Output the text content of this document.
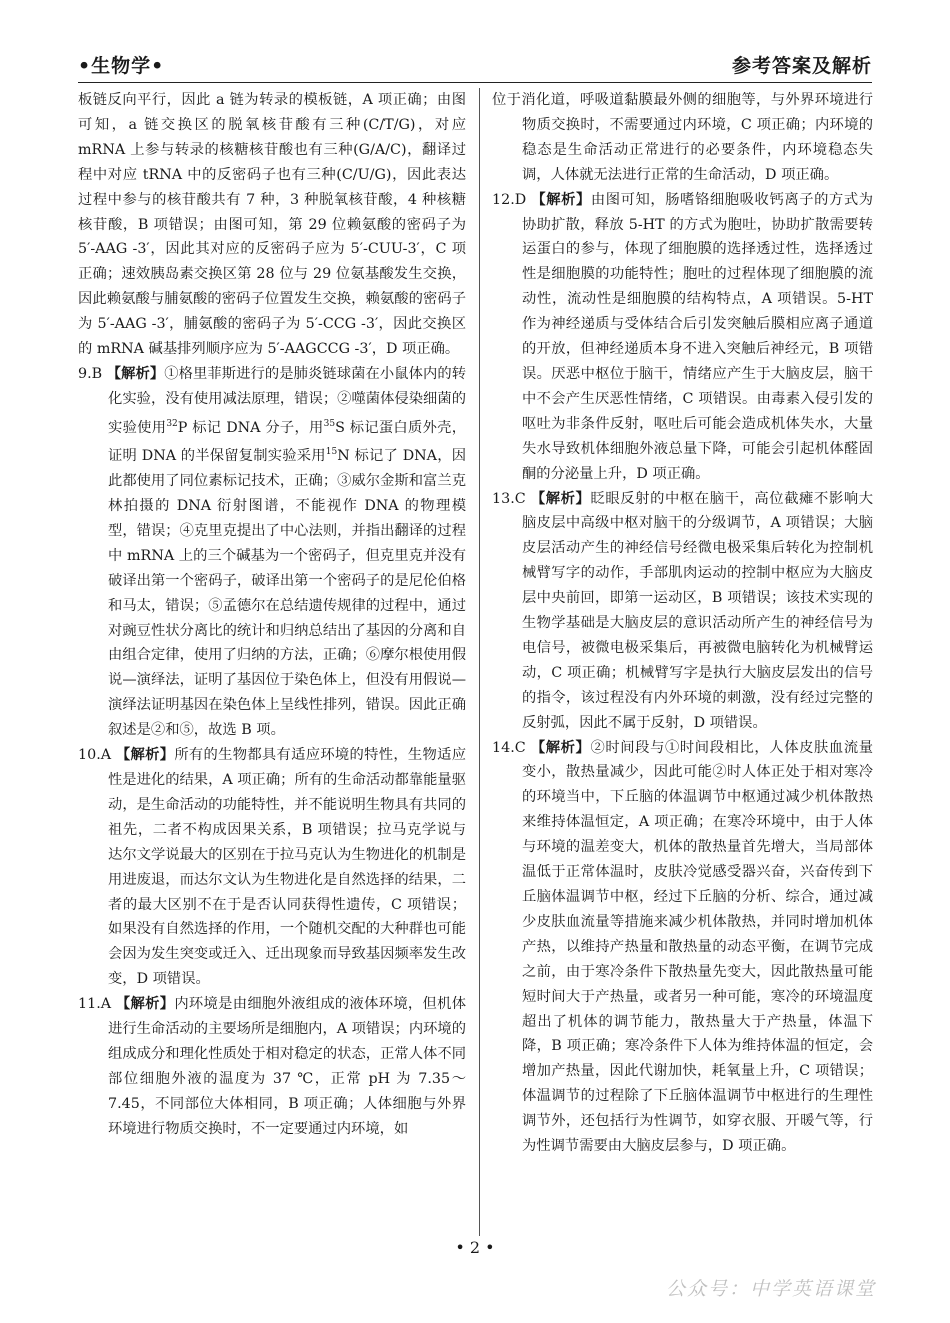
•生物学•	参考答案及解析

板链反向平行，因此 a 链为转录的模板链，A 项正确；由图可知，a 链交换区的脱氧核苷酸有三种(C/T/G)，对应 mRNA 上参与转录的核糖核苷酸也有三种(G/A/C)，翻译过程中对应 tRNA 中的反密码子也有三种(C/U/G)，因此表达过程中参与的核苷酸共有 7 种，3 种脱氧核苷酸，4 种核糖核苷酸，B 项错误；由图可知，第 29 位赖氨酸的密码子为 5′-AAG -3′，因此其对应的反密码子应为 5′-CUU-3′，C 项正确；速效胰岛素交换区第 28 位与 29 位氨基酸发生交换，因此赖氨酸与脯氨酸的密码子位置发生交换，赖氨酸的密码子为 5′-AAG -3′，脯氨酸的密码子为 5′-CCG -3′，因此交换区的 mRNA 碱基排列顺序应为 5′-AAGCCG -3′，D 项正确。

9.B 【解析】①格里菲斯进行的是肺炎链球菌在小鼠体内的转化实验，没有使用减法原理，错误；②噬菌体侵染细菌的实验使用$^{32}$P 标记 DNA 分子，用$^{35}$S 标记蛋白质外壳，证明 DNA 的半保留复制实验采用$^{15}$N 标记了 DNA，因此都使用了同位素标记技术，正确；③威尔金斯和富兰克林拍摄的 DNA 衍射图谱，不能视作 DNA 的物理模型，错误；④克里克提出了中心法则，并指出翻译的过程中 mRNA 上的三个碱基为一个密码子，但克里克并没有破译出第一个密码子，破译出第一个密码子的是尼伦伯格和马太，错误；⑤孟德尔在总结遗传规律的过程中，通过对豌豆性状分离比的统计和归纳总结出了基因的分离和自由组合定律，使用了归纳的方法，正确；⑥摩尔根使用假说—演绎法，证明了基因位于染色体上，但没有用假说—演绎法证明基因在染色体上呈线性排列，错误。因此正确叙述是②和⑤，故选 B 项。

10.A 【解析】所有的生物都具有适应环境的特性，生物适应性是进化的结果，A 项正确；所有的生命活动都靠能量驱动，是生命活动的功能特性，并不能说明生物具有共同的祖先，二者不构成因果关系，B 项错误；拉马克学说与达尔文学说最大的区别在于拉马克认为生物进化的机制是用进废退，而达尔文认为生物进化是自然选择的结果，二者的最大区别不在于是否认同获得性遗传，C 项错误；如果没有自然选择的作用，一个随机交配的大种群也可能会因为发生突变或迁入、迁出现象而导致基因频率发生改变，D 项错误。

11.A 【解析】内环境是由细胞外液组成的液体环境，但机体进行生命活动的主要场所是细胞内，A 项错误；内环境的组成成分和理化性质处于相对稳定的状态，正常人体不同部位细胞外液的温度为 37 ℃，正常 pH 为 7.35～7.45，不同部位大体相同，B 项正确；人体细胞与外界环境进行物质交换时，不一定要通过内环境，如

位于消化道，呼吸道黏膜最外侧的细胞等，与外界环境进行物质交换时，不需要通过内环境，C 项正确；内环境的稳态是生命活动正常进行的必要条件，内环境稳态失调，人体就无法进行正常的生命活动，D 项正确。

12.D 【解析】由图可知，肠嗜铬细胞吸收钙离子的方式为协助扩散，释放 5-HT 的方式为胞吐，协助扩散需要转运蛋白的参与，体现了细胞膜的选择透过性，选择透过性是细胞膜的功能特性；胞吐的过程体现了细胞膜的流动性，流动性是细胞膜的结构特点，A 项错误。5-HT 作为神经递质与受体结合后引发突触后膜相应离子通道的开放，但神经递质本身不进入突触后神经元，B 项错误。厌恶中枢位于脑干，情绪应产生于大脑皮层，脑干中不会产生厌恶性情绪，C 项错误。由毒素入侵引发的呕吐为非条件反射，呕吐后可能会造成机体失水，大量失水导致机体细胞外液总量下降，可能会引起机体醛固酮的分泌量上升，D 项正确。

13.C 【解析】眨眼反射的中枢在脑干，高位截瘫不影响大脑皮层中高级中枢对脑干的分级调节，A 项错误；大脑皮层活动产生的神经信号经微电极采集后转化为控制机械臂写字的动作，手部肌肉运动的控制中枢应为大脑皮层中央前回，即第一运动区，B 项错误；该技术实现的生物学基础是大脑皮层的意识活动所产生的神经信号为电信号，被微电极采集后，再被微电脑转化为机械臂运动，C 项正确；机械臂写字是执行大脑皮层发出的信号的指令，该过程没有内外环境的刺激，没有经过完整的反射弧，因此不属于反射，D 项错误。

14.C 【解析】②时间段与①时间段相比，人体皮肤血流量变小，散热量减少，因此可能②时人体正处于相对寒冷的环境当中，下丘脑的体温调节中枢通过减少机体散热来维持体温恒定，A 项正确；在寒冷环境中，由于人体与环境的温差变大，机体的散热量首先增大，当局部体温低于正常体温时，皮肤冷觉感受器兴奋，兴奋传到下丘脑体温调节中枢，经过下丘脑的分析、综合，通过减少皮肤血流量等措施来减少机体散热，并同时增加机体产热，以维持产热量和散热量的动态平衡，在调节完成之前，由于寒冷条件下散热量先变大，因此散热量可能短时间大于产热量，或者另一种可能，寒冷的环境温度超出了机体的调节能力，散热量大于产热量，体温下降，B 项正确；寒冷条件下人体为维持体温的恒定，会增加产热量，因此代谢加快，耗氧量上升，C 项错误；体温调节的过程除了下丘脑体温调节中枢进行的生理性调节外，还包括行为性调节，如穿衣服、开暖气等，行为性调节需要由大脑皮层参与，D 项正确。

• 2 •
公众号：中学英语课堂
